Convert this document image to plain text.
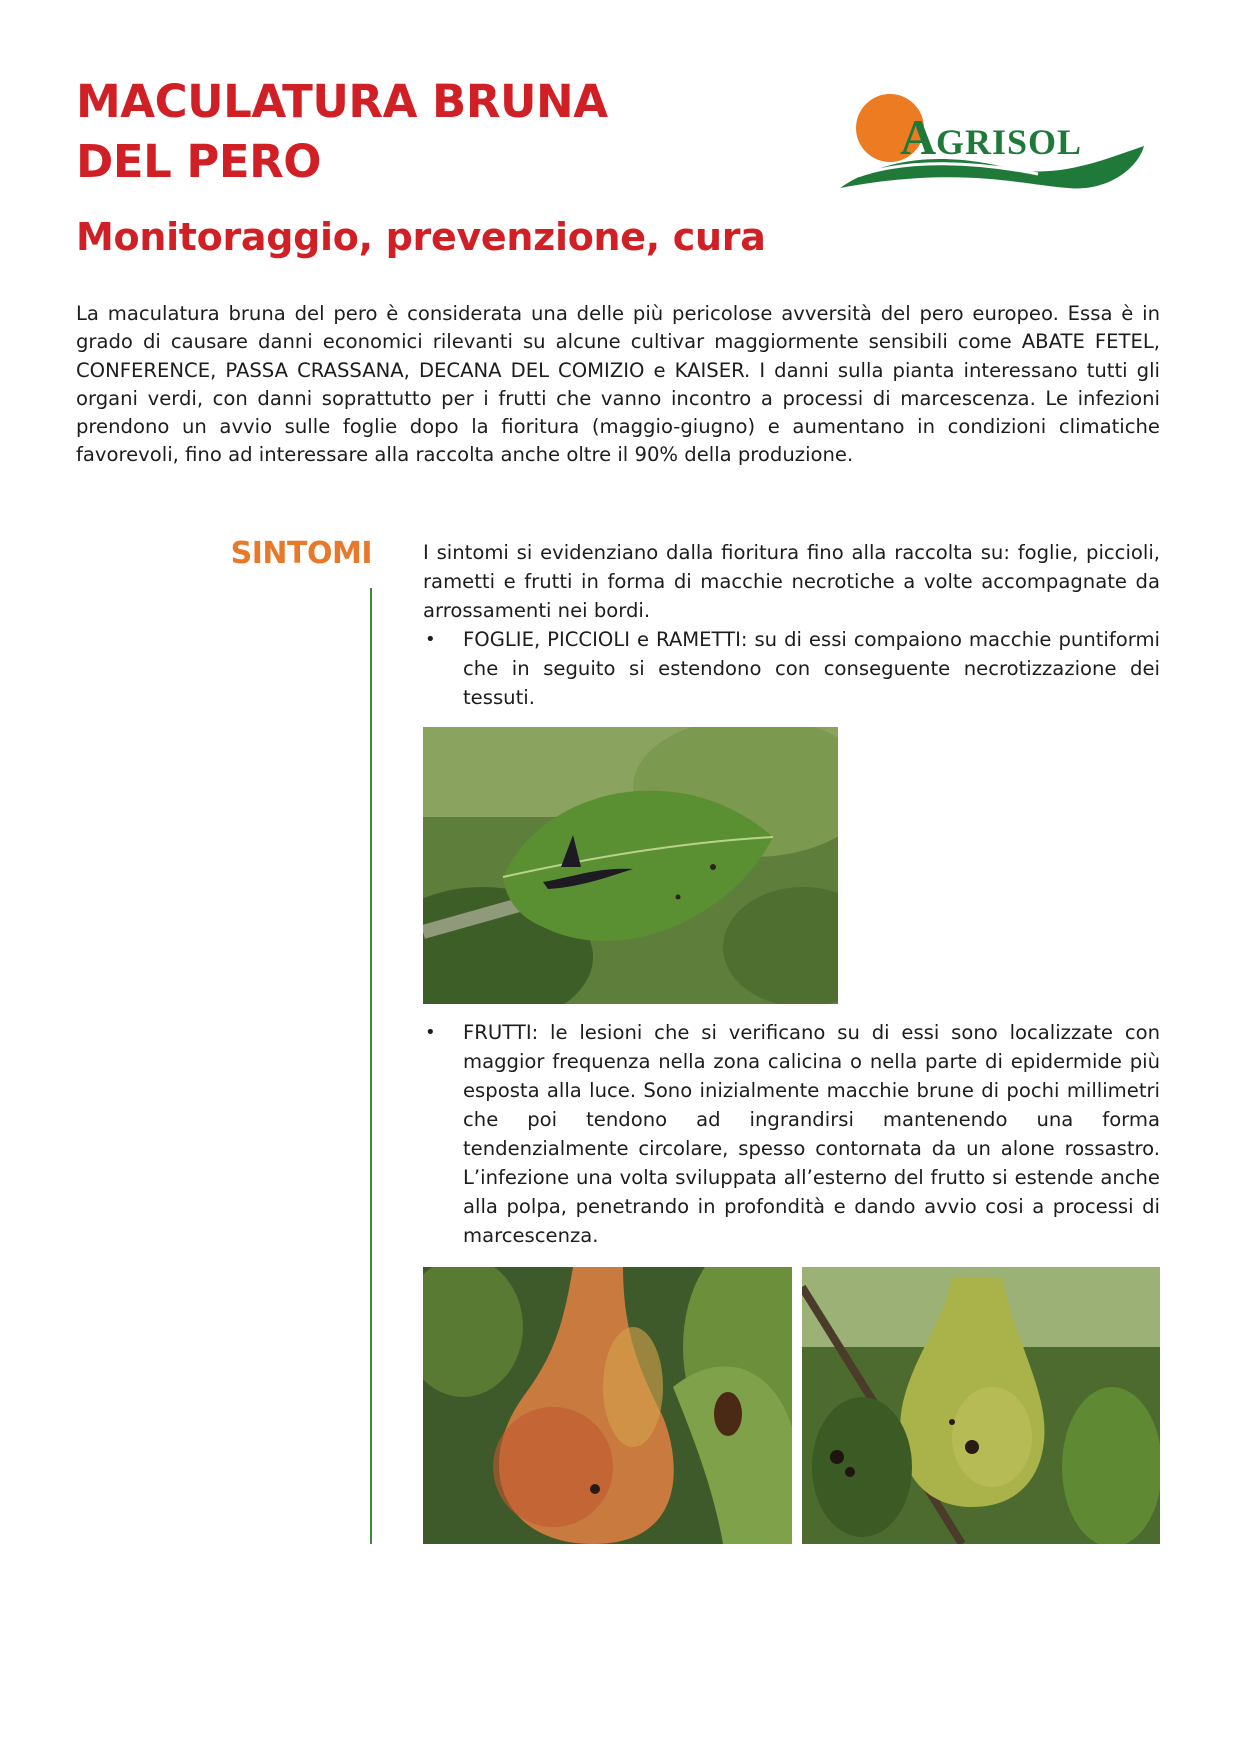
MACULATURA BRUNA
DEL PERO
Monitoraggio, prevenzione, cura
A GRISOL

La maculatura bruna del pero è considerata una delle più pericolose avversità del pero europeo. Essa è in grado di causare danni economici rilevanti su alcune cultivar maggiormente sensibili come ABATE FETEL, CONFERENCE, PASSA CRASSANA, DECANA DEL COMIZIO e KAISER. I danni sulla pianta interessano tutti gli organi verdi, con danni soprattutto per i frutti che vanno incontro a processi di marcescenza. Le infezioni prendono un avvio sulle foglie dopo la fioritura (maggio-giugno) e aumentano in condizioni climatiche favorevoli, fino ad interessare alla raccolta anche oltre il 90% della produzione.

SINTOMI	I sintomi si evidenziano dalla fioritura fino alla raccolta su: foglie, piccioli, rametti e frutti in forma di macchie necrotiche a volte accompagnate da arrossamenti nei bordi.

•	FOGLIE, PICCIOLI e RAMETTI: su di essi compaiono macchie puntiformi che in seguito si estendono con conseguente necrotizzazione dei tessuti.
•	FRUTTI: le lesioni che si verificano su di essi sono localizzate con maggior frequenza nella zona calicina o nella parte di epidermide più esposta alla luce. Sono inizialmente macchie brune di pochi millimetri che poi tendono ad ingrandirsi mantenendo una forma tendenzialmente circolare, spesso contornata da un alone rossastro. L’infezione una volta sviluppata all’esterno del frutto si estende anche alla polpa, penetrando in profondità e dando avvio cosi a processi di marcescenza.
